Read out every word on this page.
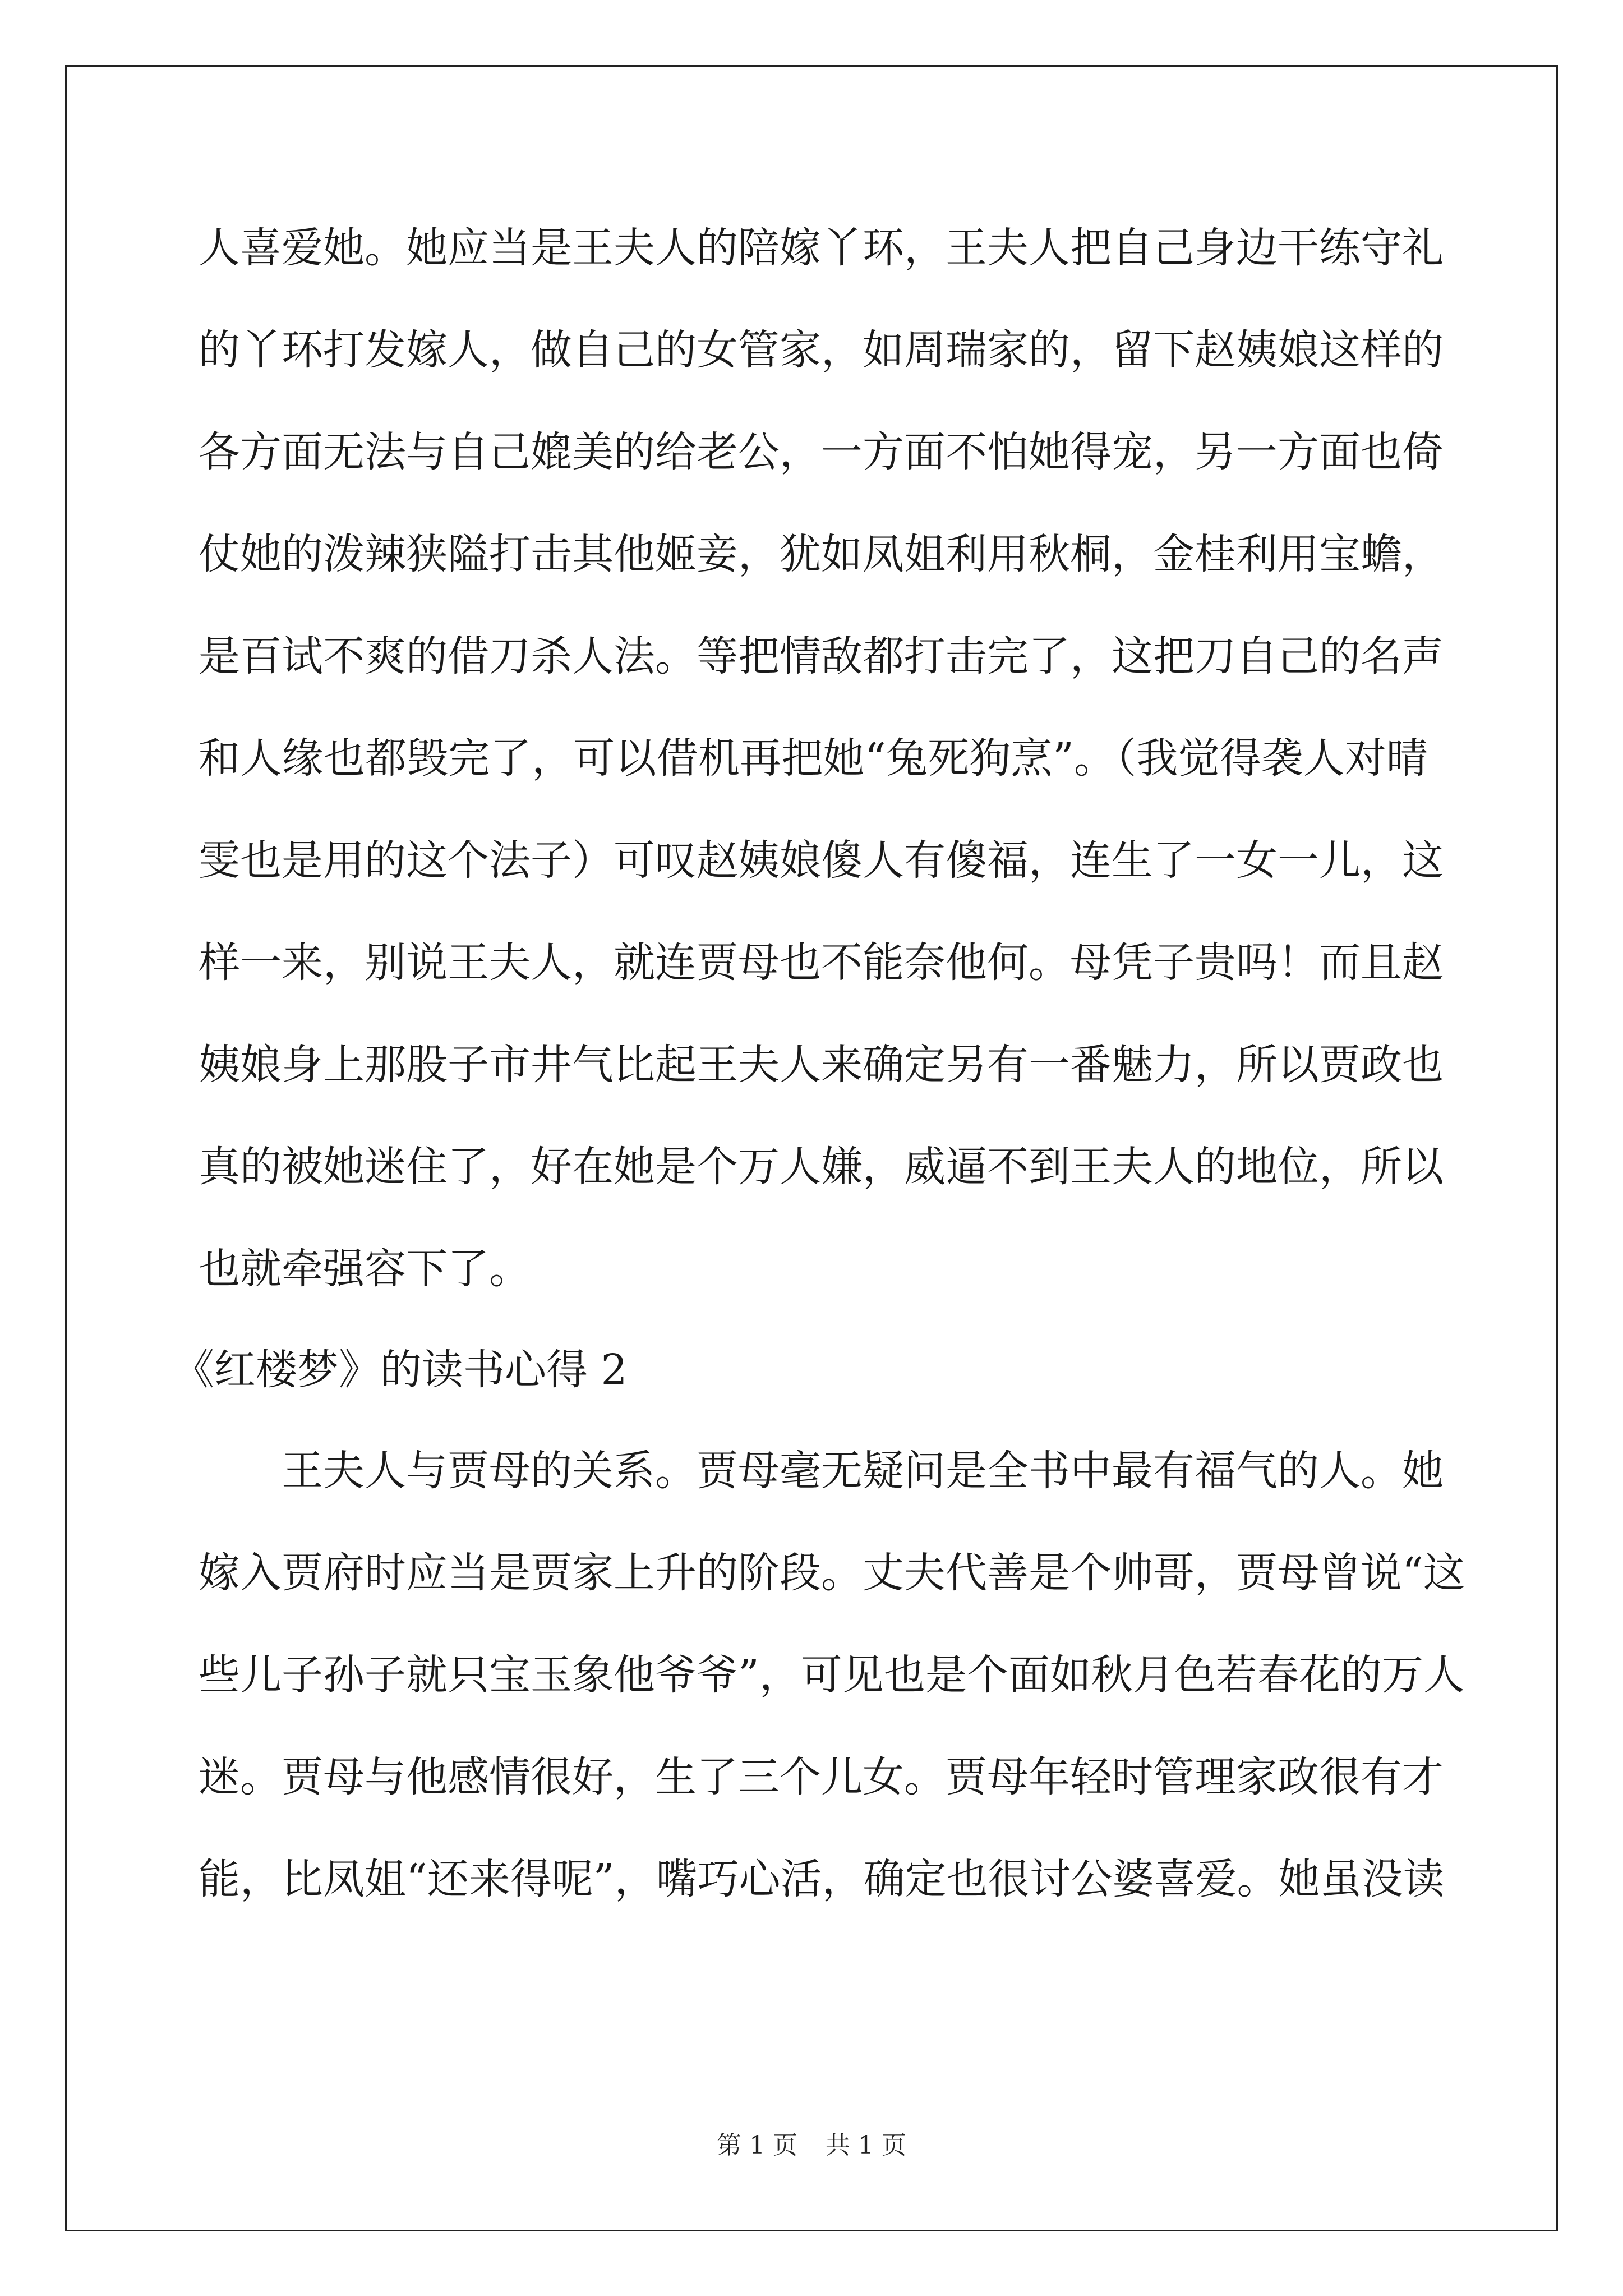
人喜爱她。她应当是王夫人的陪嫁丫环，王夫人把自己身边干练守礼
的丫环打发嫁人，做自己的女管家，如周瑞家的，留下赵姨娘这样的
各方面无法与自己媲美的给老公，一方面不怕她得宠，另一方面也倚
仗她的泼辣狭隘打击其他姬妾，犹如凤姐利用秋桐，金桂利用宝蟾，
是百试不爽的借刀杀人法。等把情敌都打击完了，这把刀自己的名声
和人缘也都毁完了，可以借机再把她“兔死狗烹”。（我觉得袭人对晴
雯也是用的这个法子）可叹赵姨娘傻人有傻福，连生了一女一儿，这
样一来，别说王夫人，就连贾母也不能奈他何。母凭子贵吗！而且赵
姨娘身上那股子市井气比起王夫人来确定另有一番魅力，所以贾政也
真的被她迷住了，好在她是个万人嫌，威逼不到王夫人的地位，所以
也就牵强容下了。
《红楼梦》的读书心得 2
王夫人与贾母的关系。贾母毫无疑问是全书中最有福气的人。她
嫁入贾府时应当是贾家上升的阶段。丈夫代善是个帅哥，贾母曾说“这
些儿子孙子就只宝玉象他爷爷”，可见也是个面如秋月色若春花的万人
迷。贾母与他感情很好，生了三个儿女。贾母年轻时管理家政很有才
能，比凤姐“还来得呢”，嘴巧心活，确定也很讨公婆喜爱。她虽没读
第 1 页 共 1 页
